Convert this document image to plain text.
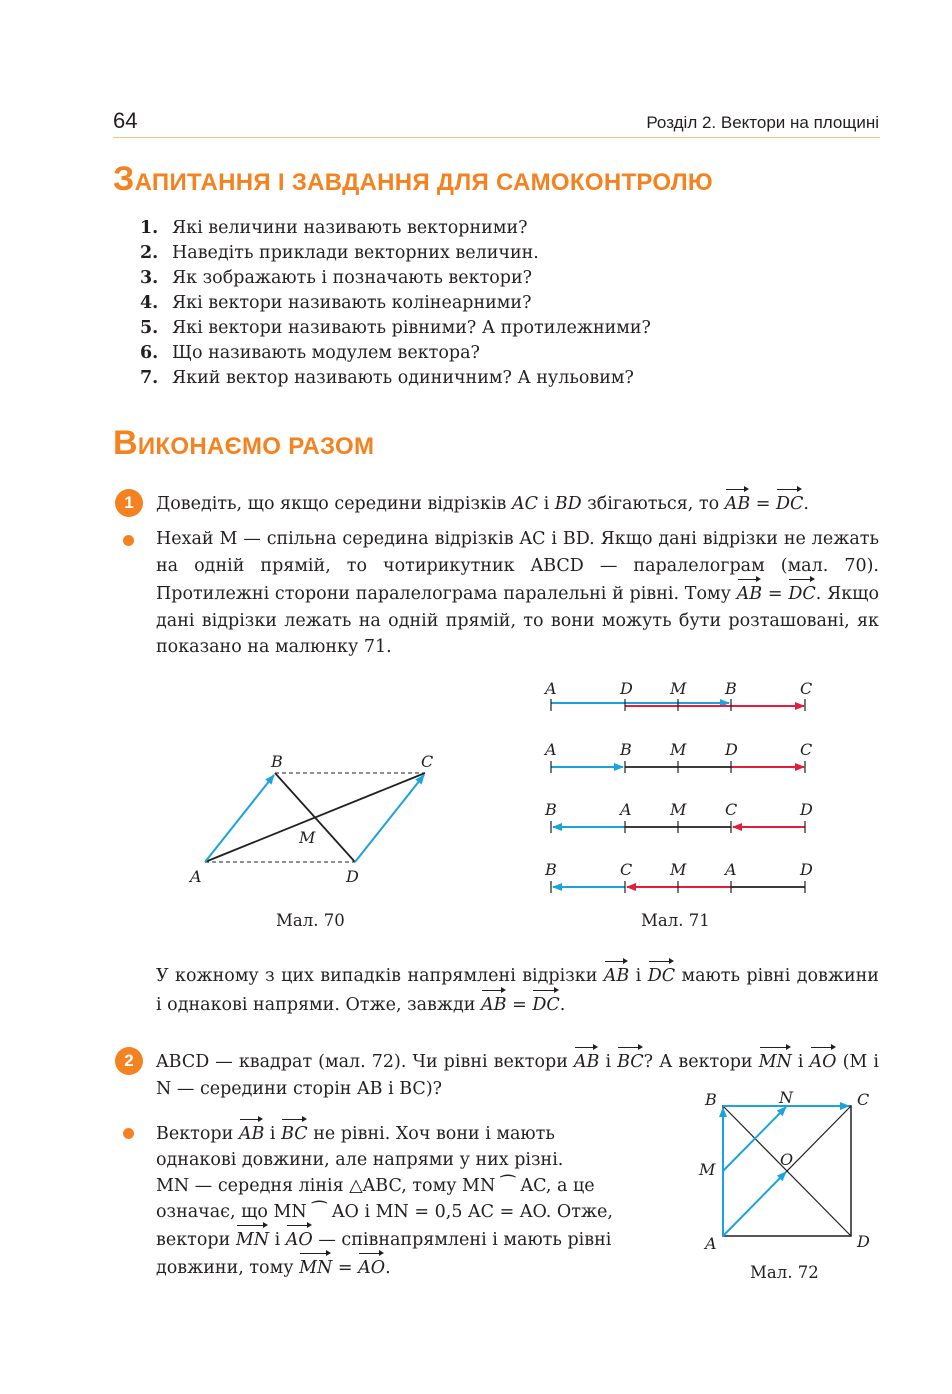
64	Розділ 2. Вектори на площині
ЗАПИТАННЯ І ЗАВДАННЯ ДЛЯ САМОКОНТРОЛЮ
1. Які величини називають векторними?
2. Наведіть приклади векторних величин.
3. Як зображають і позначають вектори?
4. Які вектори називають колінеарними?
5. Які вектори називають рівними? А протилежними?
6. Що називають модулем вектора?
7. Який вектор називають одиничним? А нульовим?
ВИКОНАЄМО РАЗОМ
1	Доведіть, що якщо середини відрізків AC і BD збігаються, то AB = DC.
Нехай M — спільна середина відрізків AC і BD. Якщо дані відрізки не лежать на одній прямій, то чотирикутник ABCD — паралелограм (мал. 70). Протилежні сторони паралелограма паралельні й рівні. Тому AB = DC. Якщо дані відрізки лежать на одній прямій, то вони можуть бути розташовані, як показано на малюнку 71.
A
B	C
D
M
Мал. 70
A	D M B	C
A	B M D	C
B	A M C	D
B	C M A	D
Мал. 71
У кожному з цих випадків напрямлені відрізки AB і DC мають рівні довжини і однакові напрями. Отже, завжди AB = DC.
2	ABCD — квадрат (мал. 72). Чи рівні вектори AB і BC? А вектори MN і AO (M і N — середини сторін AB і BC)?
Вектори AB і BC не рівні. Хоч вони і мають
однакові довжини, але напрями у них різні.
MN — середня лінія △ABC, тому MN ⁀ AC, а це
означає, що MN ⁀ AO і MN = 0,5 AC = AO. Отже,
вектори MN і AO — співнапрямлені і мають рівні
довжини, тому MN = AO.
A
B	C
D
M
N
O
Мал. 72
